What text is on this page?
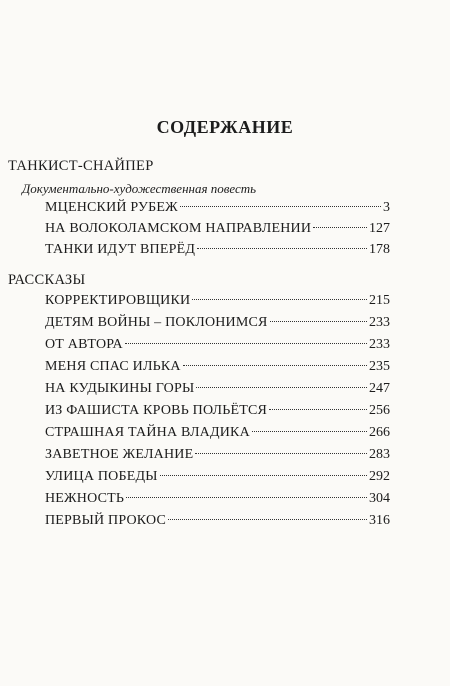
СОДЕРЖАНИЕ
ТАНКИСТ-СНАЙПЕР
Документально-художественная повесть
МЦЕНСКИЙ РУБЕЖ	3
НА ВОЛОКОЛАМСКОМ НАПРАВЛЕНИИ	127
ТАНКИ ИДУТ ВПЕРЁД	178
РАССКАЗЫ
КОРРЕКТИРОВЩИКИ	215
ДЕТЯМ ВОЙНЫ – ПОКЛОНИМСЯ	233
ОТ АВТОРА	233
МЕНЯ СПАС ИЛЬКА	235
НА КУДЫКИНЫ ГОРЫ	247
ИЗ ФАШИСТА КРОВЬ ПОЛЬЁТСЯ	256
СТРАШНАЯ ТАЙНА ВЛАДИКА	266
ЗАВЕТНОЕ ЖЕЛАНИЕ	283
УЛИЦА ПОБЕДЫ	292
НЕЖНОСТЬ	304
ПЕРВЫЙ ПРОКОС	316
